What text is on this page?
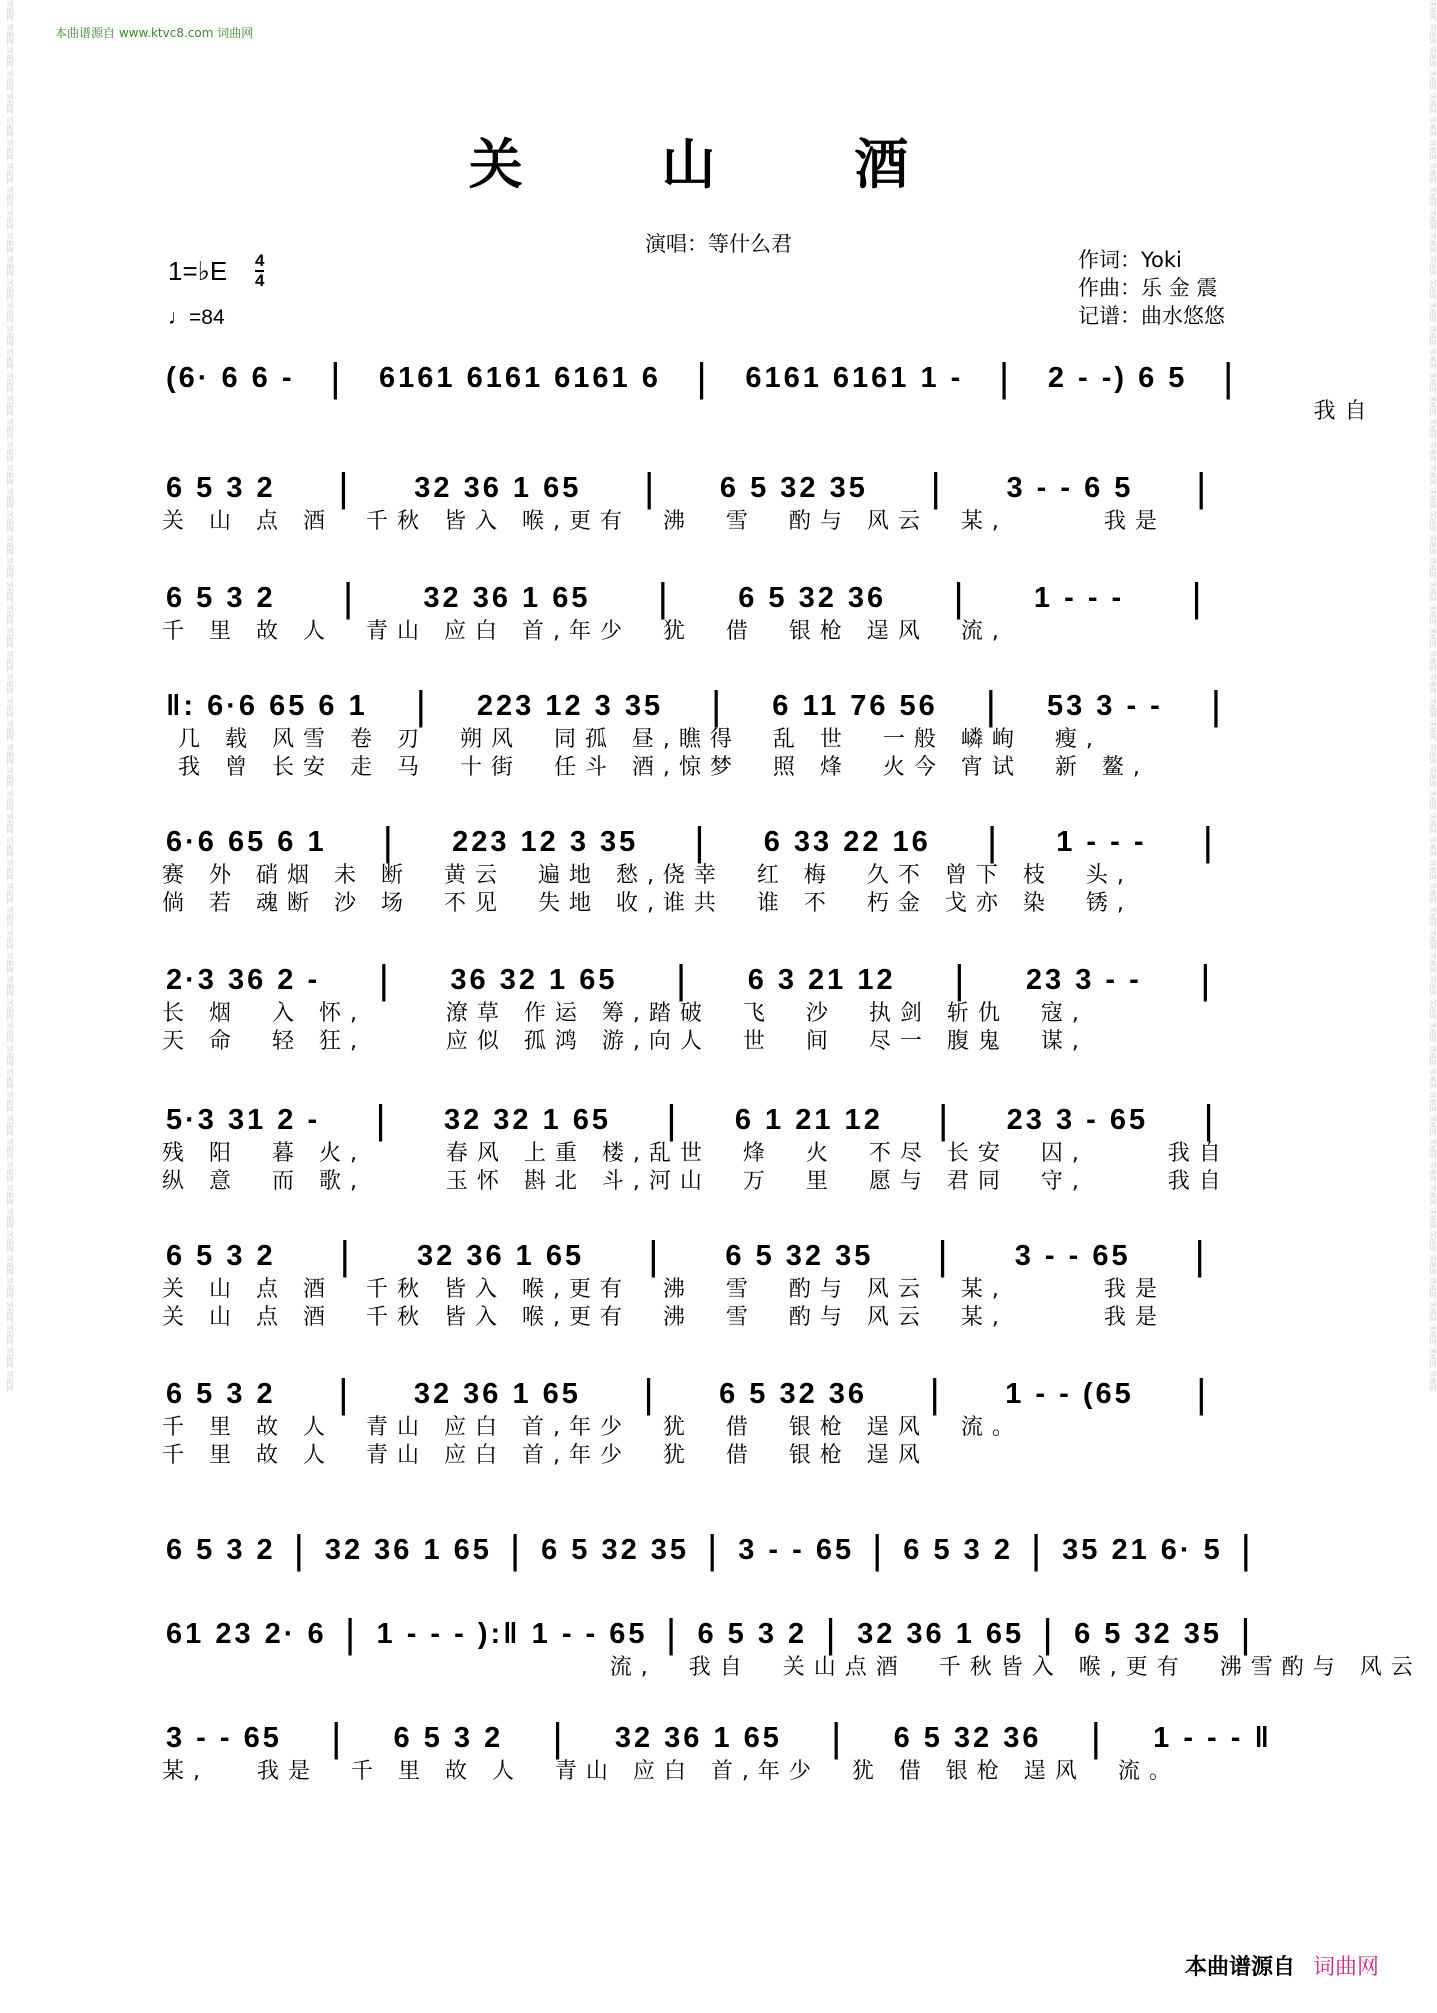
词曲网 词曲网 词曲网 词曲网 词曲网 词曲网 词曲网 词曲网 词曲网 词曲网 词曲网 词曲网 词曲网 词曲网 词曲网 词曲网 词曲网 词曲网 词曲网 词曲网 词曲网 词曲网 词曲网 词曲网 词曲网 词曲网 词曲网 词曲网 词曲网 词曲网 词曲网 词曲网 词曲网 词曲网 词曲网 词曲网 词曲网 词曲网 词曲网 词曲网 词曲网 词曲网 词曲网 词曲网 词曲网 词曲网 词曲网 词曲网 词曲网 词曲网 词曲网 词曲网 词曲网 词曲网 词曲网 词曲网 词曲网 词曲网 词曲网 词曲网	词曲网 词曲网 词曲网 词曲网 词曲网 词曲网 词曲网 词曲网 词曲网 词曲网 词曲网 词曲网 词曲网 词曲网 词曲网 词曲网 词曲网 词曲网 词曲网 词曲网 词曲网 词曲网 词曲网 词曲网 词曲网 词曲网 词曲网 词曲网 词曲网 词曲网 词曲网 词曲网 词曲网 词曲网 词曲网 词曲网 词曲网 词曲网 词曲网 词曲网 词曲网 词曲网 词曲网 词曲网 词曲网 词曲网 词曲网 词曲网 词曲网 词曲网 词曲网 词曲网 词曲网 词曲网 词曲网 词曲网 词曲网 词曲网 词曲网 词曲网
本曲谱源自 www.ktvc8.com 词曲网
关 山 酒
演唱：等什么君
1=♭E 4
4
♩=84
作词：Yoki
作曲：乐 金 震
记谱：曲水悠悠
(6· 6 6 - | 6161 6161 6161 6 | 6161 6161 1 - | 2 - -) 6 5 |
我自
6 5 3 2 | 32 36 1 65 | 6 5 32 35 | 3 - - 6 5 |
关 山 点 酒  千秋 皆入 喉,更有  沸  雪  酌与 风云  某,      我是
6 5 3 2 | 32 36 1 65 | 6 5 32 36 | 1 - - - |
千 里 故 人  青山 应白 首,年少  犹  借  银枪 逞风  流,
‖: 6·6 65 6 1 | 223 12 3 35 | 6 11 76 56 | 53 3 - - |
几 载 风雪 卷 刃  朔风  同孤 昼,瞧得  乱 世  一般 嶙峋  瘦,
我 曾 长安 走 马  十街  任斗 酒,惊梦  照 烽  火今 宵试  新 鳌,
6·6 65 6 1 | 223 12 3 35 | 6 33 22 16 | 1 - - - |
赛 外 硝烟 未 断  黄云  遍地 愁,侥幸  红 梅  久不 曾下 枝  头,
倘 若 魂断 沙 场  不见  失地 收,谁共  谁 不  朽金 戈亦 染  锈,
2·3 36 2 - | 36 32 1 65 | 6 3 21 12 | 23 3 - - |
长 烟  入 怀,     潦草 作运 筹,踏破  飞  沙  执剑 斩仇  寇,
天 命  轻 狂,     应似 孤鸿 游,向人  世  间  尽一 腹鬼  谋,
5·3 31 2 - | 32 32 1 65 | 6 1 21 12 | 23 3 - 65 |
残 阳  暮 火,     春风 上重 楼,乱世  烽  火  不尽 长安  囚,     我自
纵 意  而 歌,     玉怀 斟北 斗,河山  万  里  愿与 君同  守,     我自
6 5 3 2 | 32 36 1 65 | 6 5 32 35 | 3 - - 65 |
关 山 点 酒  千秋 皆入 喉,更有  沸  雪  酌与 风云  某,      我是
关 山 点 酒  千秋 皆入 喉,更有  沸  雪  酌与 风云  某,      我是
6 5 3 2 | 32 36 1 65 | 6 5 32 36 | 1 - - (65 |
千 里 故 人  青山 应白 首,年少  犹  借  银枪 逞风  流。
千 里 故 人  青山 应白 首,年少  犹  借  银枪 逞风
6 5 3 2 | 32 36 1 65 | 6 5 32 35 | 3 - - 65 | 6 5 3 2 | 35 21 6· 5 |
61 23 2· 6 | 1 - - - ):‖ 1 - - 65 | 6 5 3 2 | 32 36 1 65 | 6 5 32 35 |
流,  我自  关山点酒  千秋皆入 喉,更有  沸雪酌与 风云
3 - - 65 | 6 5 3 2 | 32 36 1 65 | 6 5 32 36 | 1 - - - ‖
某,   我是  千 里 故 人  青山 应白 首,年少  犹 借 银枪 逞风  流。
本曲谱源自 词曲网
